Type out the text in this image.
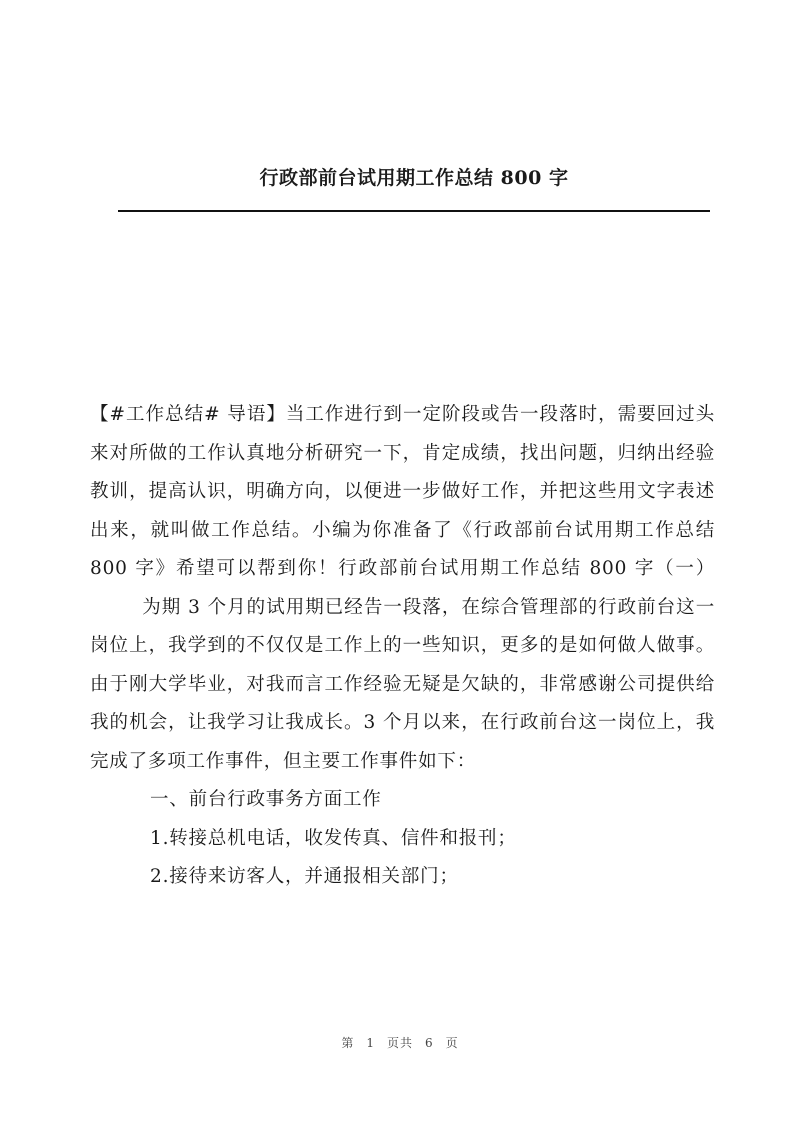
行政部前台试用期工作总结 800 字

【#工作总结# 导语】当工作进行到一定阶段或告一段落时，需要回过头来对所做的工作认真地分析研究一下，肯定成绩，找出问题，归纳出经验教训，提高认识，明确方向，以便进一步做好工作，并把这些用文字表述出来，就叫做工作总结。小编为你准备了《行政部前台试用期工作总结 800 字》希望可以帮到你！行政部前台试用期工作总结 800 字（一）为期 3 个月的试用期已经告一段落，在综合管理部的行政前台这一岗位上，我学到的不仅仅是工作上的一些知识，更多的是如何做人做事。由于刚大学毕业，对我而言工作经验无疑是欠缺的，非常感谢公司提供给我的机会，让我学习让我成长。3 个月以来，在行政前台这一岗位上，我完成了多项工作事件，但主要工作事件如下：

一、前台行政事务方面工作

1.转接总机电话，收发传真、信件和报刊；

2.接待来访客人，并通报相关部门；

第 1 页共 6 页
